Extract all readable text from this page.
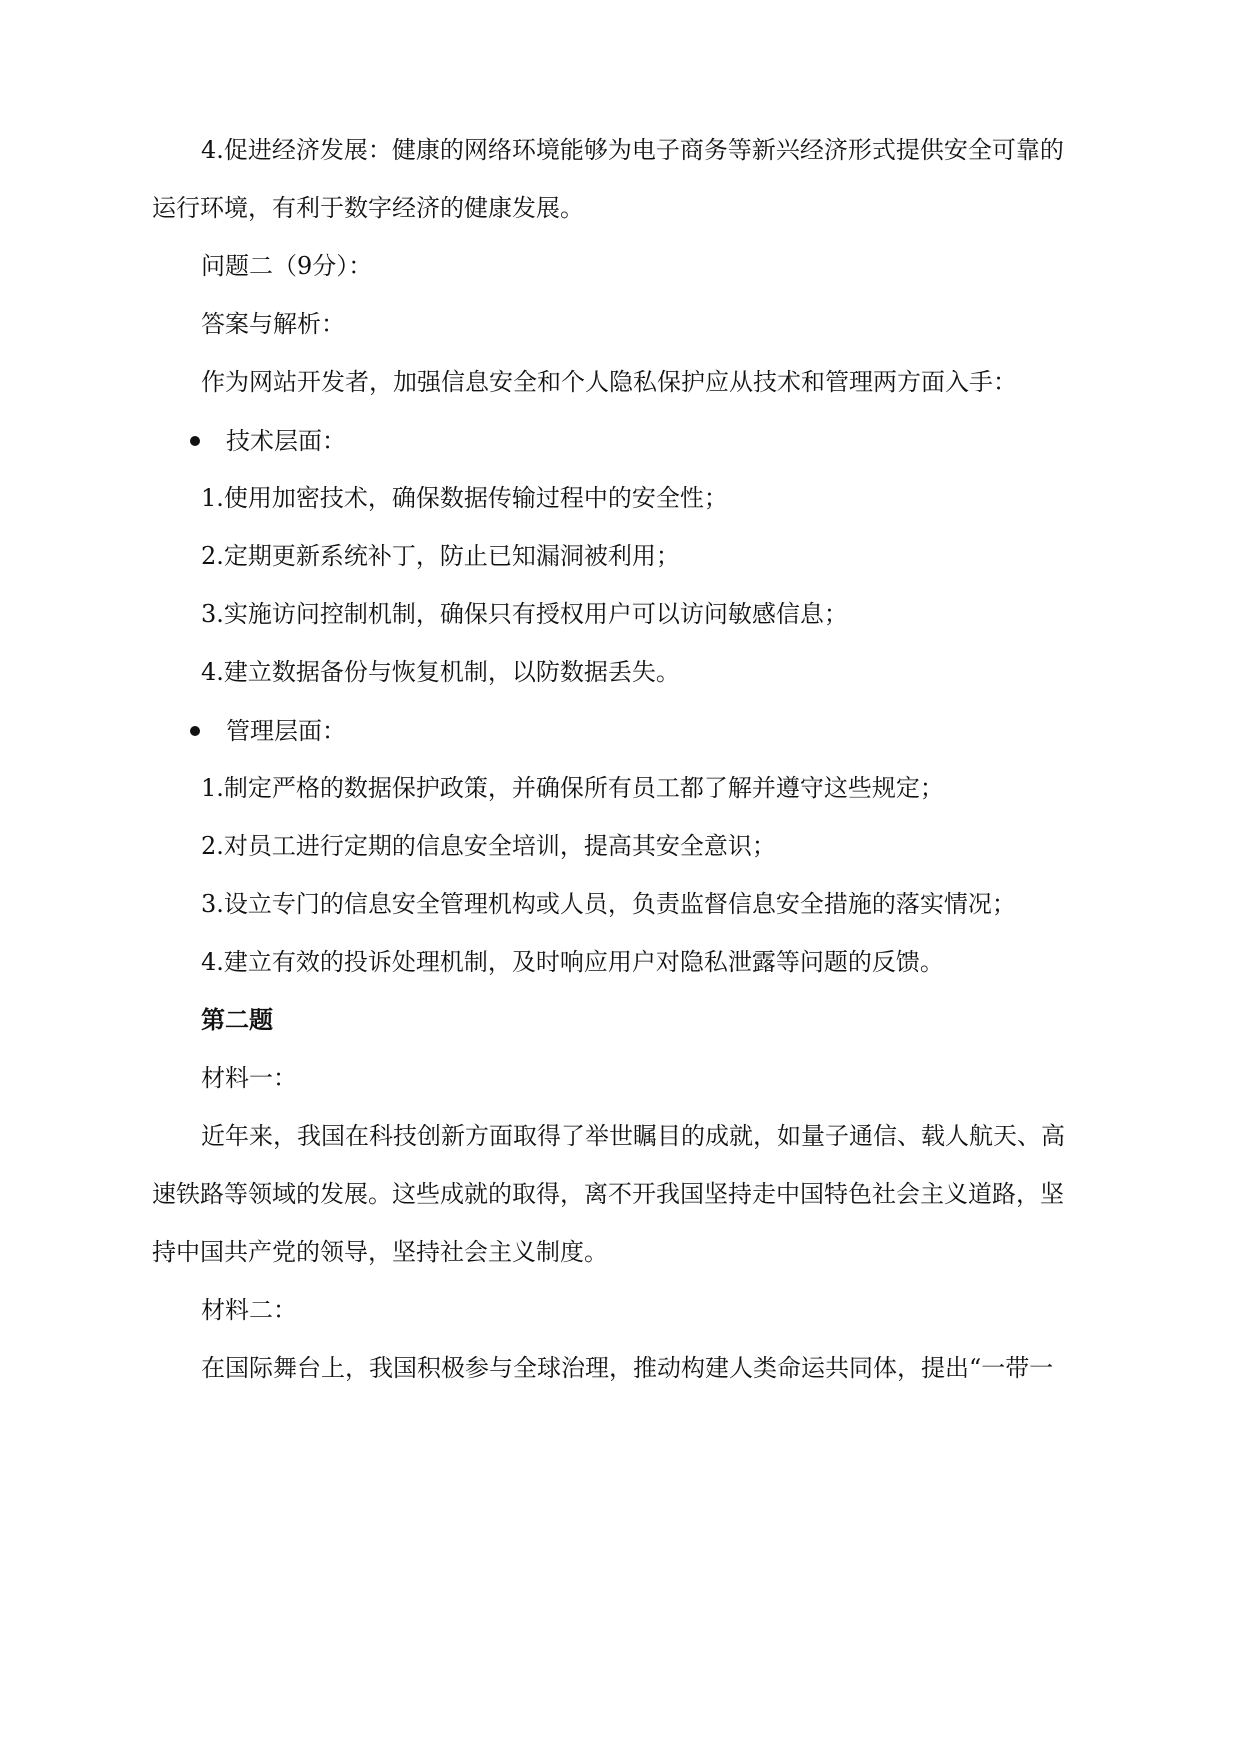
4.促进经济发展：健康的网络环境能够为电子商务等新兴经济形式提供安全可靠的
运行环境，有利于数字经济的健康发展。
问题二（9分）：
答案与解析：
作为网站开发者，加强信息安全和个人隐私保护应从技术和管理两方面入手：
技术层面：
1.使用加密技术，确保数据传输过程中的安全性；
2.定期更新系统补丁，防止已知漏洞被利用；
3.实施访问控制机制，确保只有授权用户可以访问敏感信息；
4.建立数据备份与恢复机制，以防数据丢失。
管理层面：
1.制定严格的数据保护政策，并确保所有员工都了解并遵守这些规定；
2.对员工进行定期的信息安全培训，提高其安全意识；
3.设立专门的信息安全管理机构或人员，负责监督信息安全措施的落实情况；
4.建立有效的投诉处理机制，及时响应用户对隐私泄露等问题的反馈。
第二题
材料一：
近年来，我国在科技创新方面取得了举世瞩目的成就，如量子通信、载人航天、高
速铁路等领域的发展。这些成就的取得，离不开我国坚持走中国特色社会主义道路，坚
持中国共产党的领导，坚持社会主义制度。
材料二：
在国际舞台上，我国积极参与全球治理，推动构建人类命运共同体，提出“一带一
